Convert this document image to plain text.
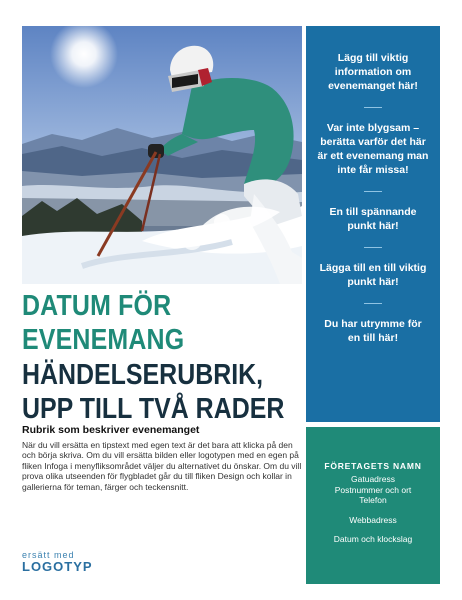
DATUM FÖR
EVENEMANG
HÄNDELSERUBRIK,
UPP TILL TVÅ RADER

Rubrik som beskriver evenemanget

När du vill ersätta en tipstext med egen text är det bara att klicka på den och börja skriva. Om du vill ersätta bilden eller logotypen med en egen på fliken Infoga i menyfliksområdet väljer du alternativet du önskar. Om du vill prova olika utseenden för flygbladet går du till fliken Design och kollar in gallerierna för teman, färger och teckensnitt.

ersätt med
LOGOTYP

Lägg till viktig information om evenemanget här!

Var inte blygsam – berätta varför det här är ett evenemang man inte får missa!

En till spännande punkt här!

Lägga till en till viktig punkt här!

Du har utrymme för en till här!

FÖRETAGETS NAMN

Gatuadress

Postnummer och ort

Telefon

Webbadress

Datum och klockslag
